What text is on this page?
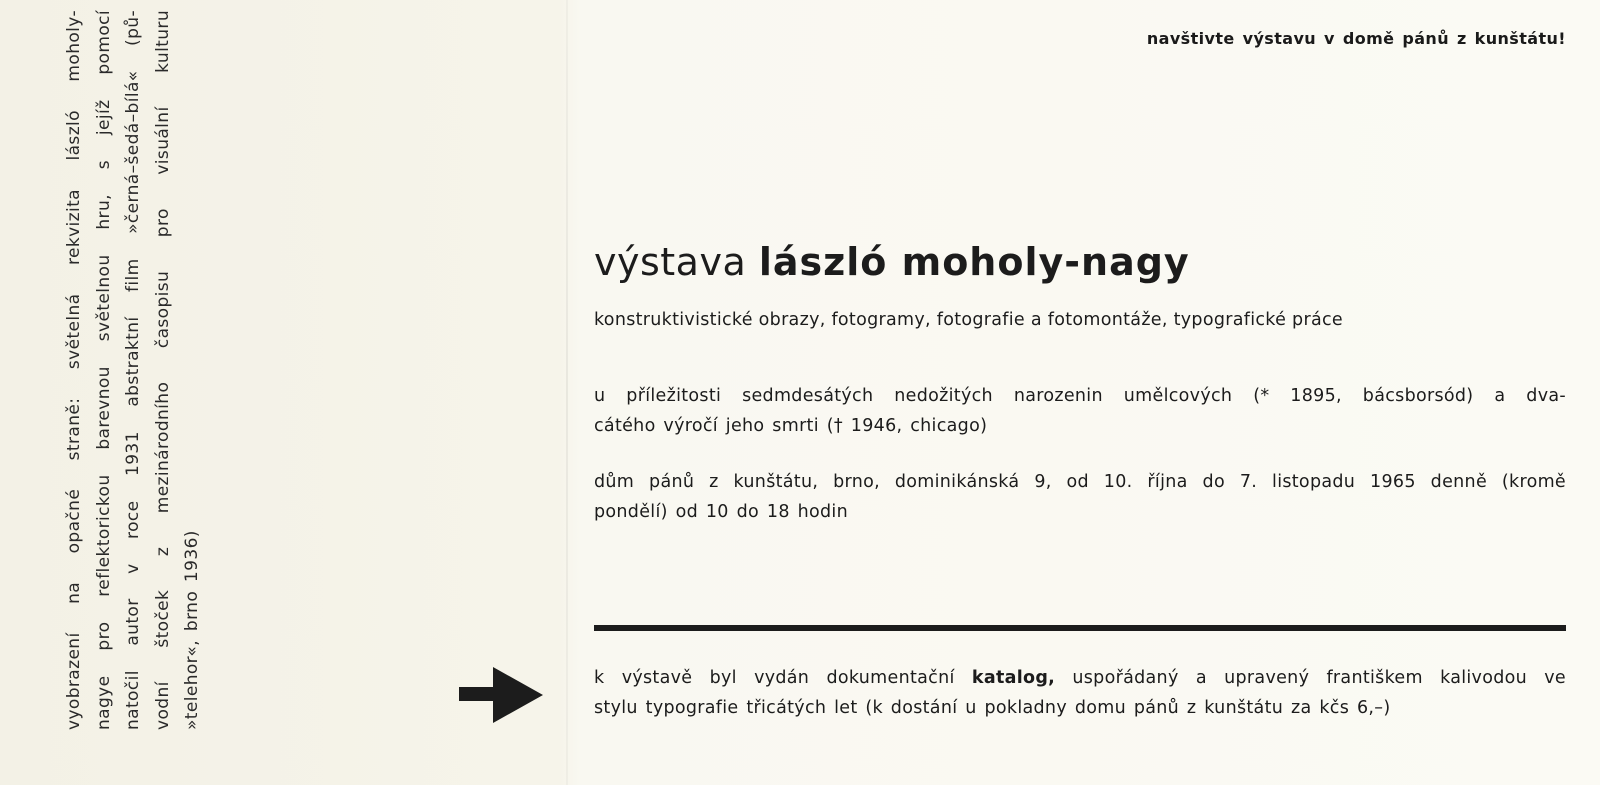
vyobrazení na opačné straně: světelná rekvizita lászló moholy- nagye pro reflektorickou barevnou světelnou hru, s jejíž pomocí natočil autor v roce 1931 abstraktní film »černá–šedá–bílá« (pů- vodní štoček z mezinárodního časopisu pro visuální kulturu »telehor«, brno 1936)
navštivte výstavu v domě pánů z kunštátu!
výstava lászló moholy-nagy
konstruktivistické obrazy, fotogramy, fotografie a fotomontáže, typografické práce
u příležitosti sedmdesátých nedožitých narozenin umělcových (* 1895, bácsborsód) a dva-
cátého výročí jeho smrti († 1946, chicago)
dům pánů z kunštátu, brno, dominikánská 9, od 10. října do 7. listopadu 1965 denně (kromě
pondělí) od 10 do 18 hodin
k výstavě byl vydán dokumentační katalog, uspořádaný a upravený františkem kalivodou ve
stylu typografie třicátých let (k dostání u pokladny domu pánů z kunštátu za kčs 6,–)
